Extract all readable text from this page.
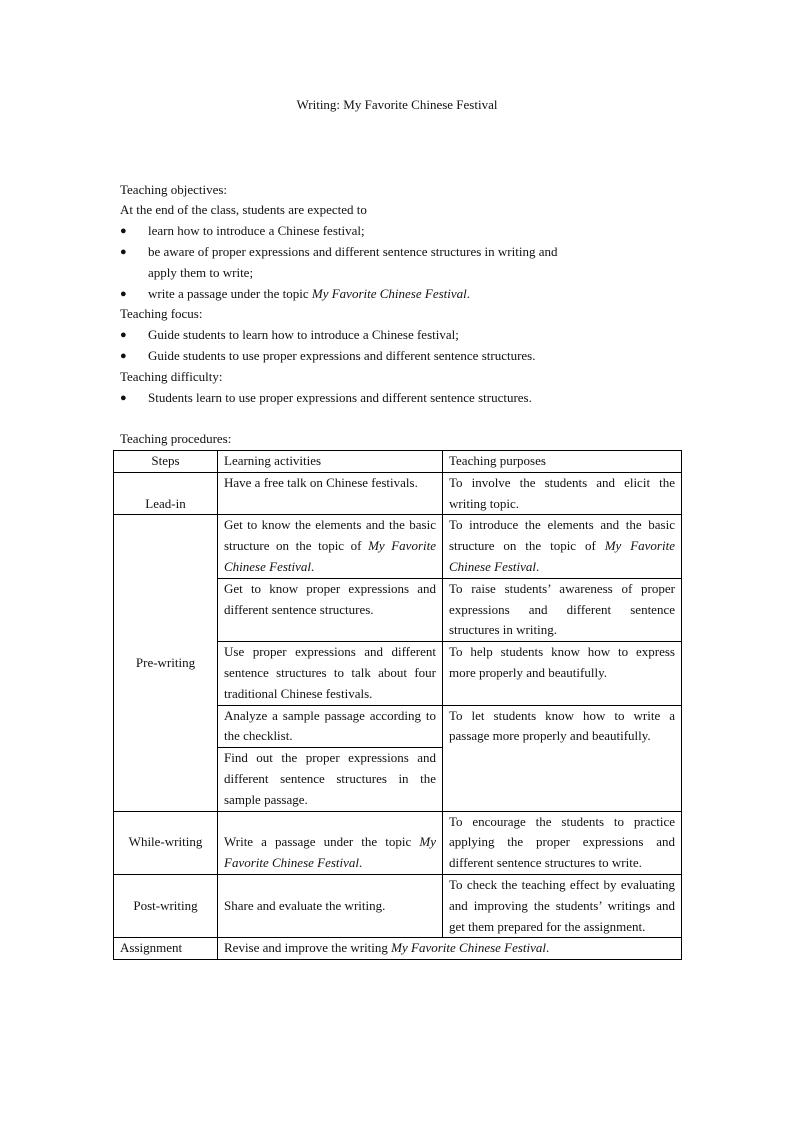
Writing: My Favorite Chinese Festival
Teaching objectives:
At the end of the class, students are expected to
●	learn how to introduce a Chinese festival;
●	be aware of proper expressions and different sentence structures in writing and
apply them to write;
●	write a passage under the topic My Favorite Chinese Festival.
Teaching focus:
●	Guide students to learn how to introduce a Chinese festival;
●	Guide students to use proper expressions and different sentence structures.
Teaching difficulty:
●	Students learn to use proper expressions and different sentence structures.
Teaching procedures:
Steps	Learning activities	Teaching purposes
Lead-in	Have a free talk on Chinese festivals.	To involve the students and elicit the writing topic.
Pre-writing	Get to know the elements and the basic structure on the topic of My Favorite Chinese Festival.	To introduce the elements and the basic structure on the topic of My Favorite Chinese Festival.
	Get to know proper expressions and different sentence structures.	To raise students’ awareness of proper expressions and different sentence structures in writing.
	Use proper expressions and different sentence structures to talk about four traditional Chinese festivals.	To help students know how to express more properly and beautifully.
	Analyze a sample passage according to the checklist.	To let students know how to write a passage more properly and beautifully.
	Find out the proper expressions and different sentence structures in the sample passage.	
While-writing	Write a passage under the topic My Favorite Chinese Festival.	To encourage the students to practice applying the proper expressions and different sentence structures to write.
Post-writing	Share and evaluate the writing.	To check the teaching effect by evaluating and improving the students’ writings and get them prepared for the assignment.
Assignment	Revise and improve the writing My Favorite Chinese Festival.	
